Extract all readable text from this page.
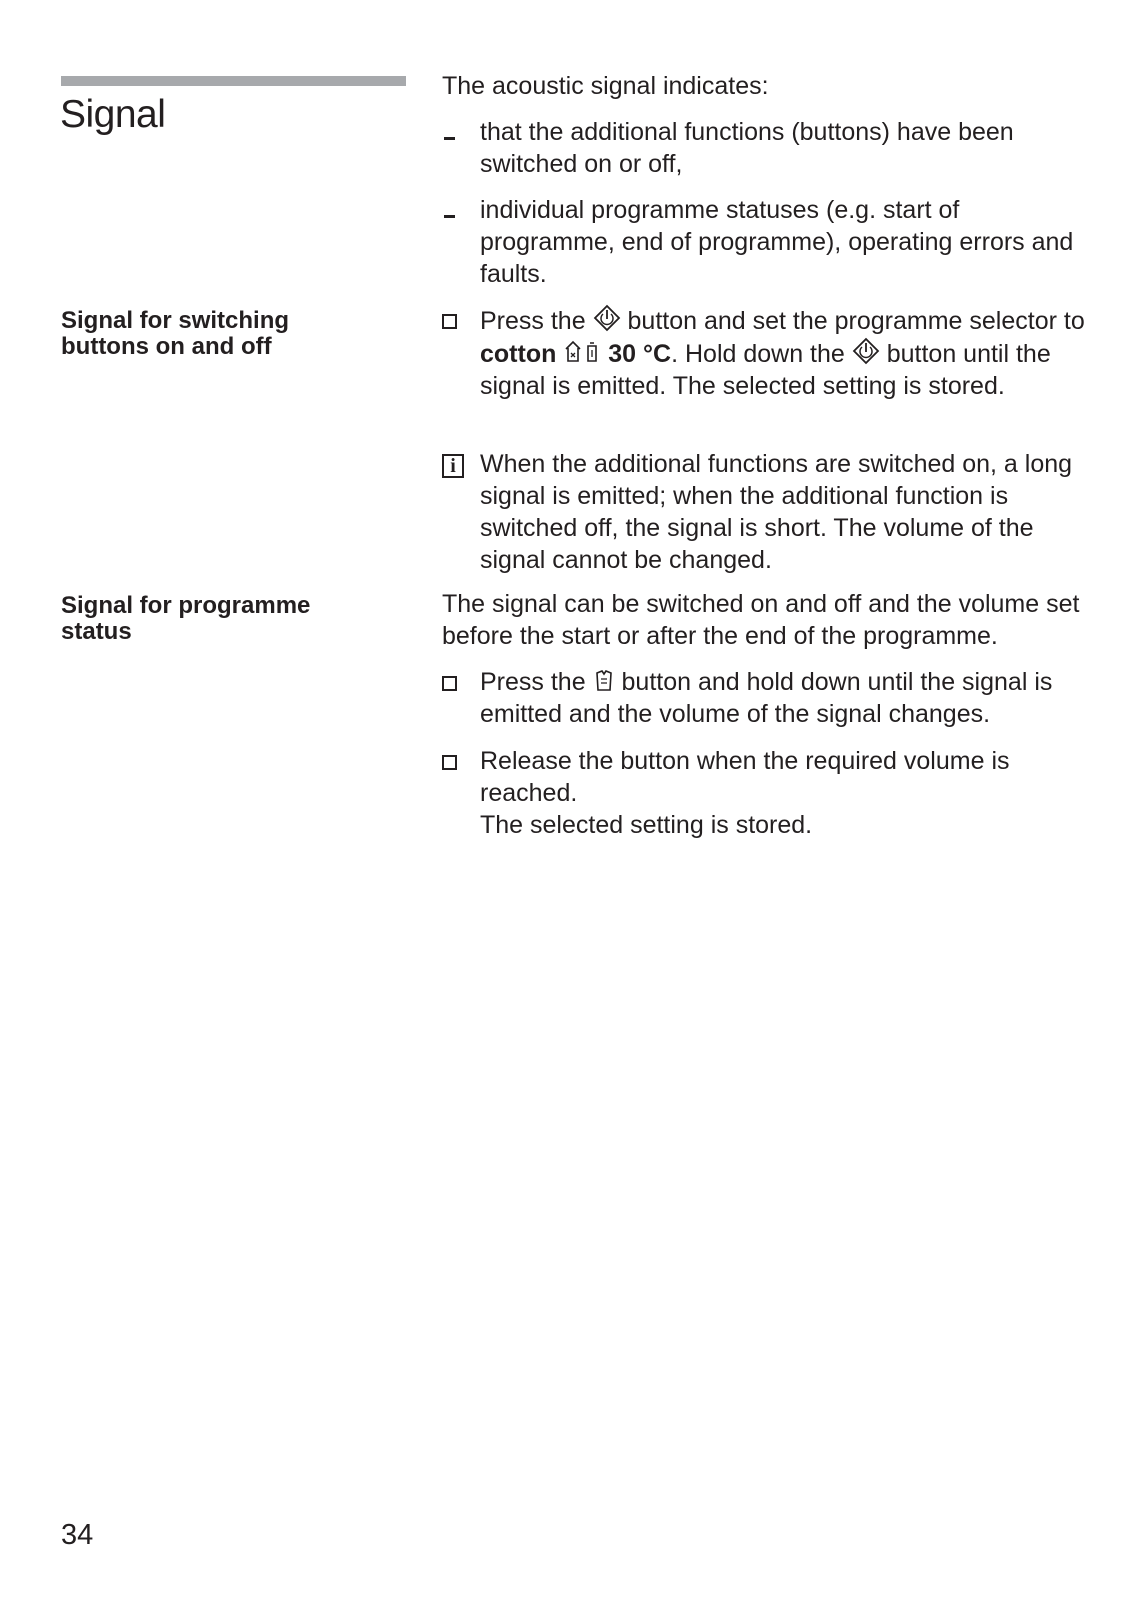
Signal
Signal for switching buttons on and off
Signal for programme status
The acoustic signal indicates:
that the additional functions (buttons) have been switched on or off,
individual programme statuses (e.g. start of programme, end of programme), operating errors and faults.
Press the button and set the programme selector to cotton 30 °C. Hold down the button until the signal is emitted. The selected setting is stored.
i When the additional functions are switched on, a long signal is emitted; when the additional function is switched off, the signal is short. The volume of the signal cannot be changed.
The signal can be switched on and off and the volume set before the start or after the end of the programme.
Press the button and hold down until the signal is emitted and the volume of the signal changes.
Release the button when the required volume is reached.
The selected setting is stored.
34
